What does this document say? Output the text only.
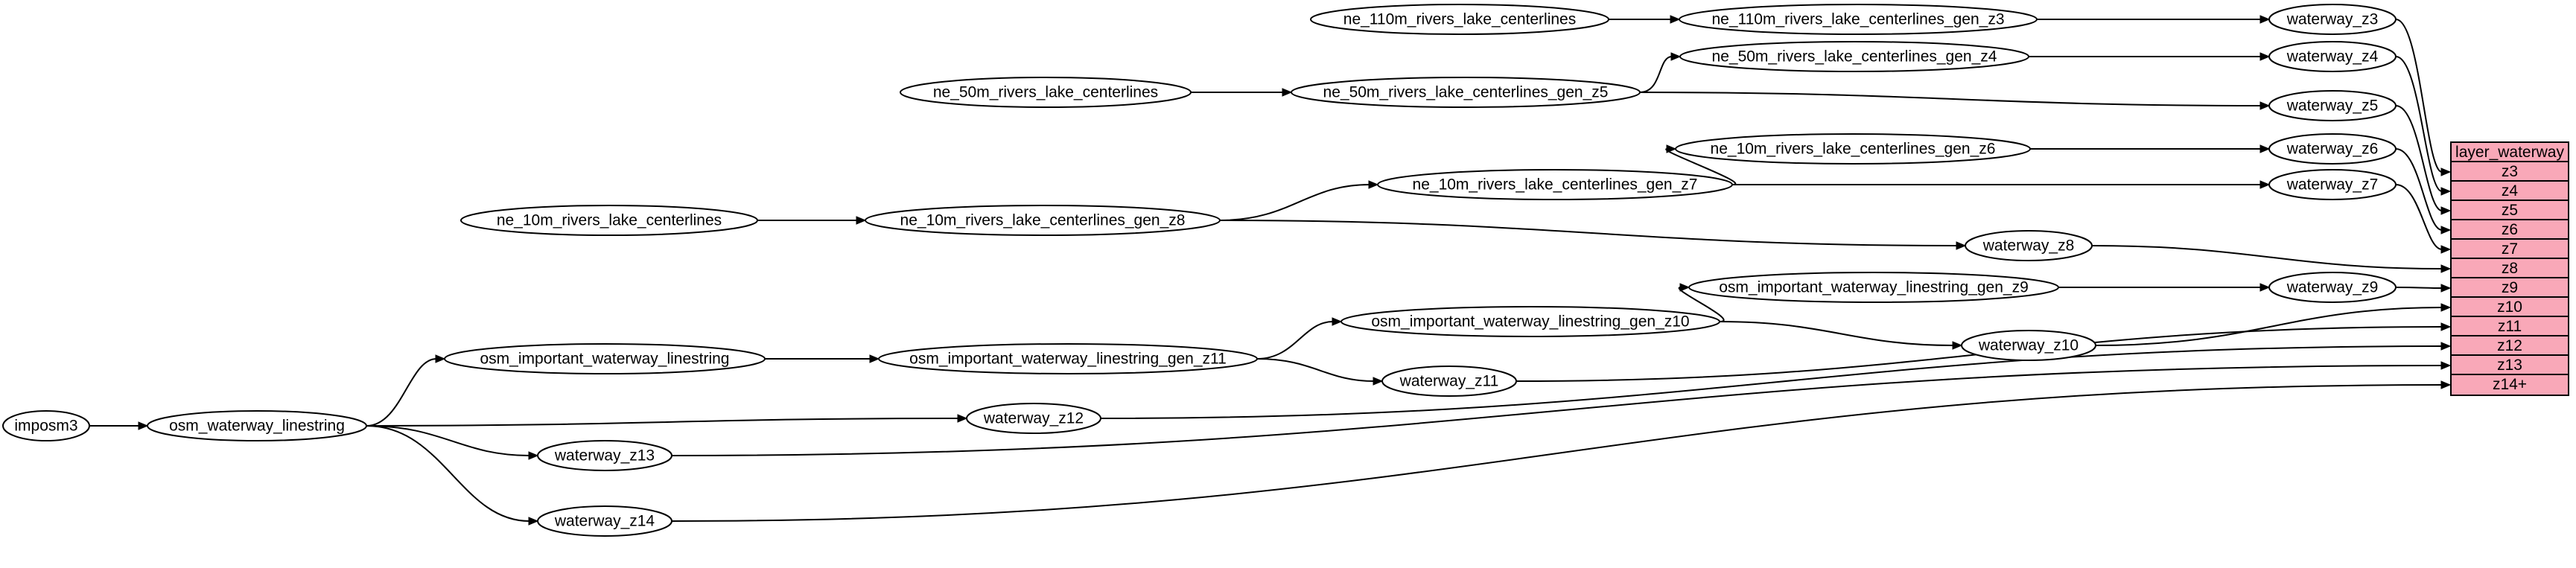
imposm3	osm_waterway_linestring
osm_important_waterway_linestring	osm_important_waterway_linestring_gen_z11
osm_important_waterway_linestring_gen_z10
osm_important_waterway_linestring_gen_z9
ne_110m_rivers_lake_centerlines	ne_110m_rivers_lake_centerlines_gen_z3
ne_50m_rivers_lake_centerlines	ne_50m_rivers_lake_centerlines_gen_z5
ne_50m_rivers_lake_centerlines_gen_z4
ne_10m_rivers_lake_centerlines	ne_10m_rivers_lake_centerlines_gen_z8
ne_10m_rivers_lake_centerlines_gen_z7
ne_10m_rivers_lake_centerlines_gen_z6
waterway_z3
waterway_z4
waterway_z5
waterway_z6
waterway_z7
waterway_z8
waterway_z9
waterway_z10
waterway_z11
waterway_z12
waterway_z13
waterway_z14
layer_waterway
z3
z4
z5
z6
z7
z8
z9
z10
z11
z12
z13
z14+
